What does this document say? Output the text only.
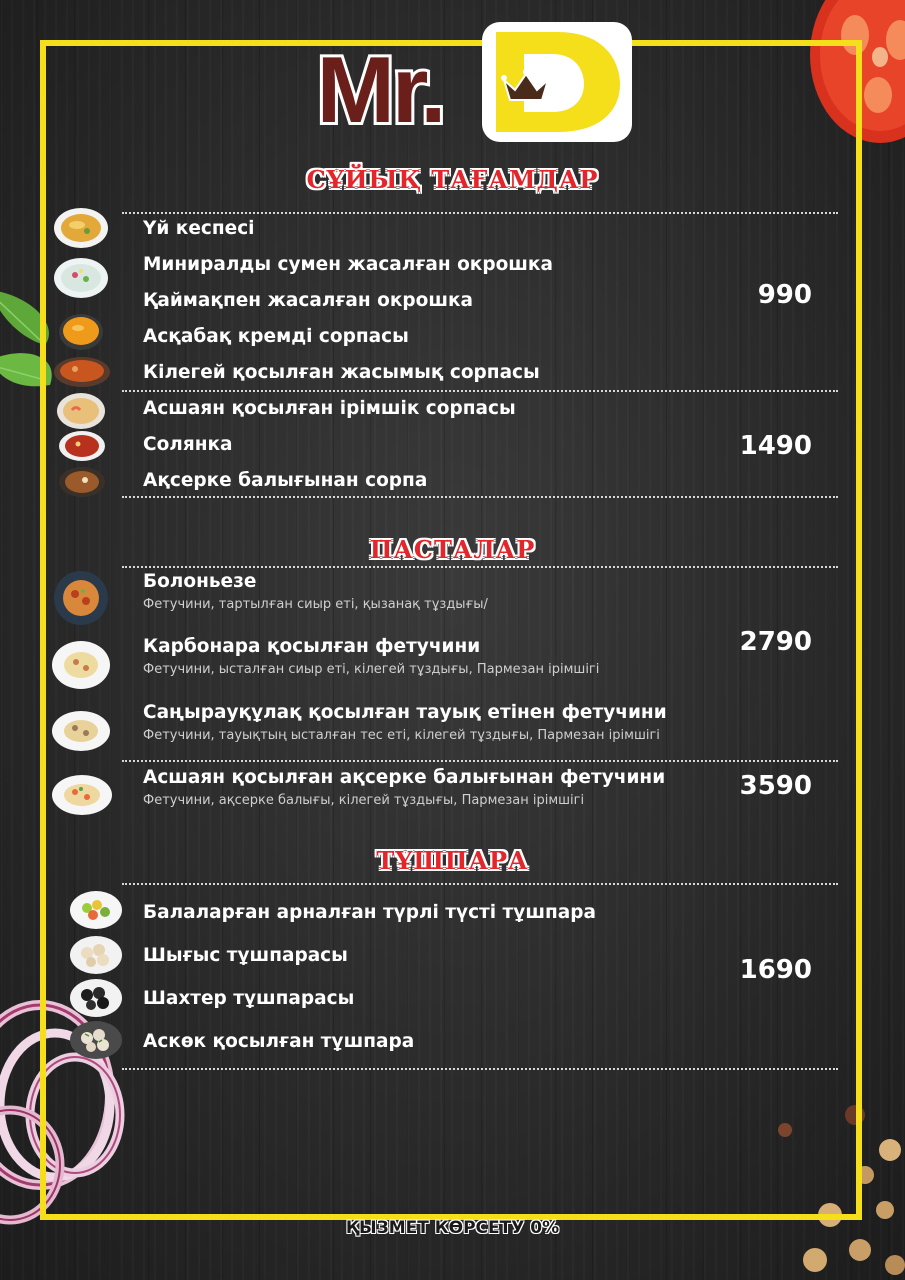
Mr.
СҰЙЫҚ ТАҒАМДАР
Үй кеспесі
Миниралды сумен жасалған окрошка
Қаймақпен жасалған окрошка
Асқабақ кремді сорпасы
Кілегей қосылған жасымық сорпасы
990
Асшаян қосылған ірімшік сорпасы
Солянка
Ақсерке балығынан сорпа
1490
ПАСТАЛАР
Болоньезе
Фетучини, тартылған сиыр еті, қызанақ тұздығы/
Карбонара қосылған фетучини
Фетучини, ысталған сиыр еті, кілегей тұздығы, Пармезан ірімшігі
Саңырауқұлақ қосылған тауық етінен фетучини
Фетучини, тауықтың ысталған тес еті, кілегей тұздығы, Пармезан ірімшігі
2790
Асшаян қосылған ақсерке балығынан фетучини
Фетучини, ақсерке балығы, кілегей тұздығы, Пармезан ірімшігі	3590
ТҰШПАРА
Балаларған арналған түрлі түсті тұшпара
Шығыс тұшпарасы
Шахтер тұшпарасы
Аскөк қосылған тұшпара
1690
ҚЫЗМЕТ КӨРСЕТУ 0%
